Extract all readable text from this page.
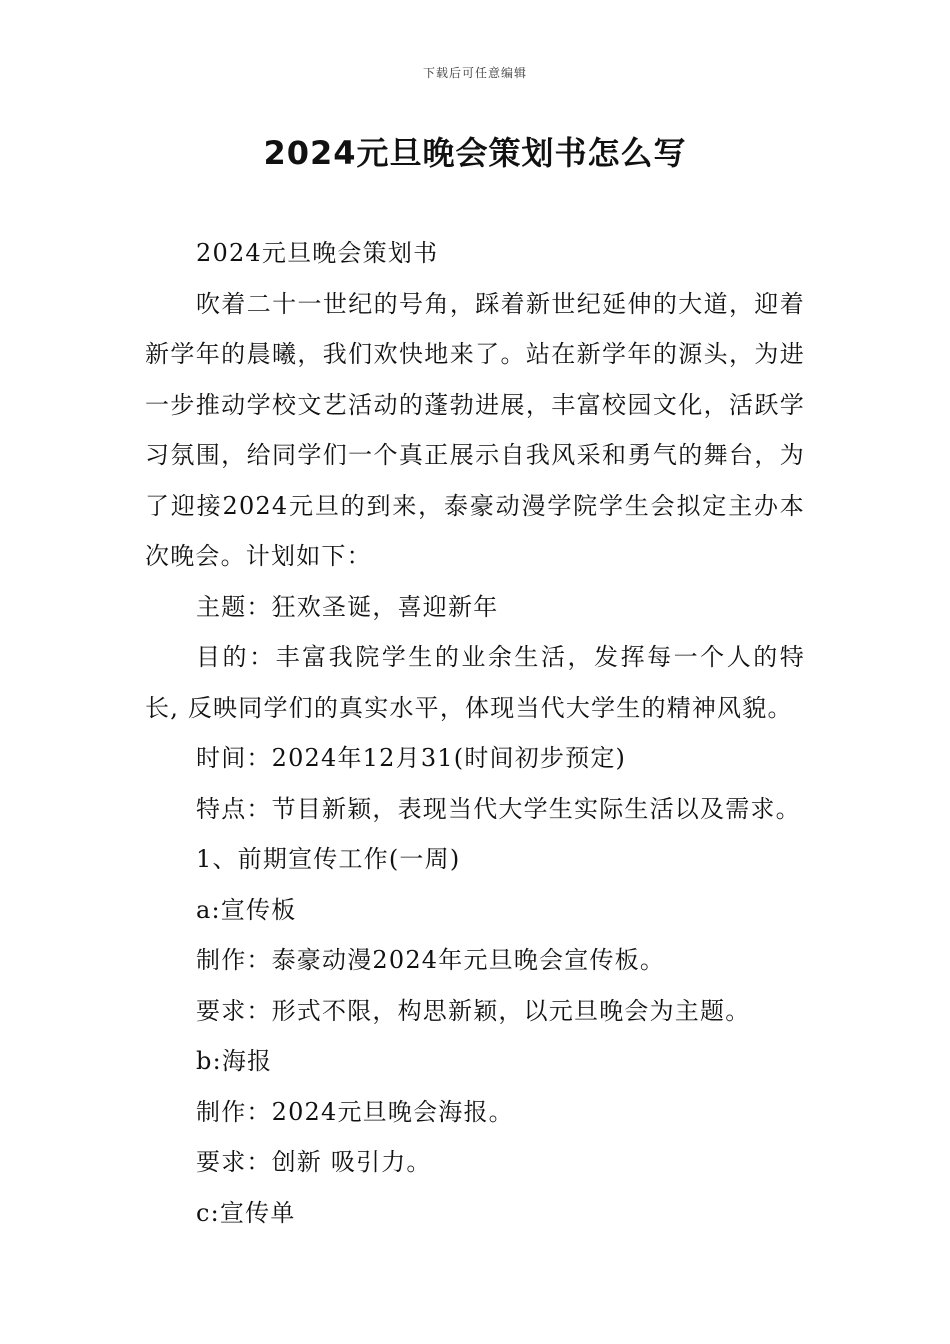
下载后可任意编辑
2024元旦晚会策划书怎么写

2024元旦晚会策划书

吹着二十一世纪的号角，踩着新世纪延伸的大道，迎着新学年的晨曦，我们欢快地来了。站在新学年的源头，为进一步推动学校文艺活动的蓬勃进展，丰富校园文化，活跃学习氛围，给同学们一个真正展示自我风采和勇气的舞台，为了迎接2024元旦的到来，泰豪动漫学院学生会拟定主办本次晚会。计划如下：

主题：狂欢圣诞，喜迎新年

目的：丰富我院学生的业余生活，发挥每一个人的特长, 反映同学们的真实水平，体现当代大学生的精神风貌。

时间：2024年12月31(时间初步预定)

特点：节目新颖，表现当代大学生实际生活以及需求。

1、前期宣传工作(一周)

a:宣传板

制作：泰豪动漫2024年元旦晚会宣传板。

要求：形式不限，构思新颖，以元旦晚会为主题。

b:海报

制作：2024元旦晚会海报。

要求：创新 吸引力。

c:宣传单
